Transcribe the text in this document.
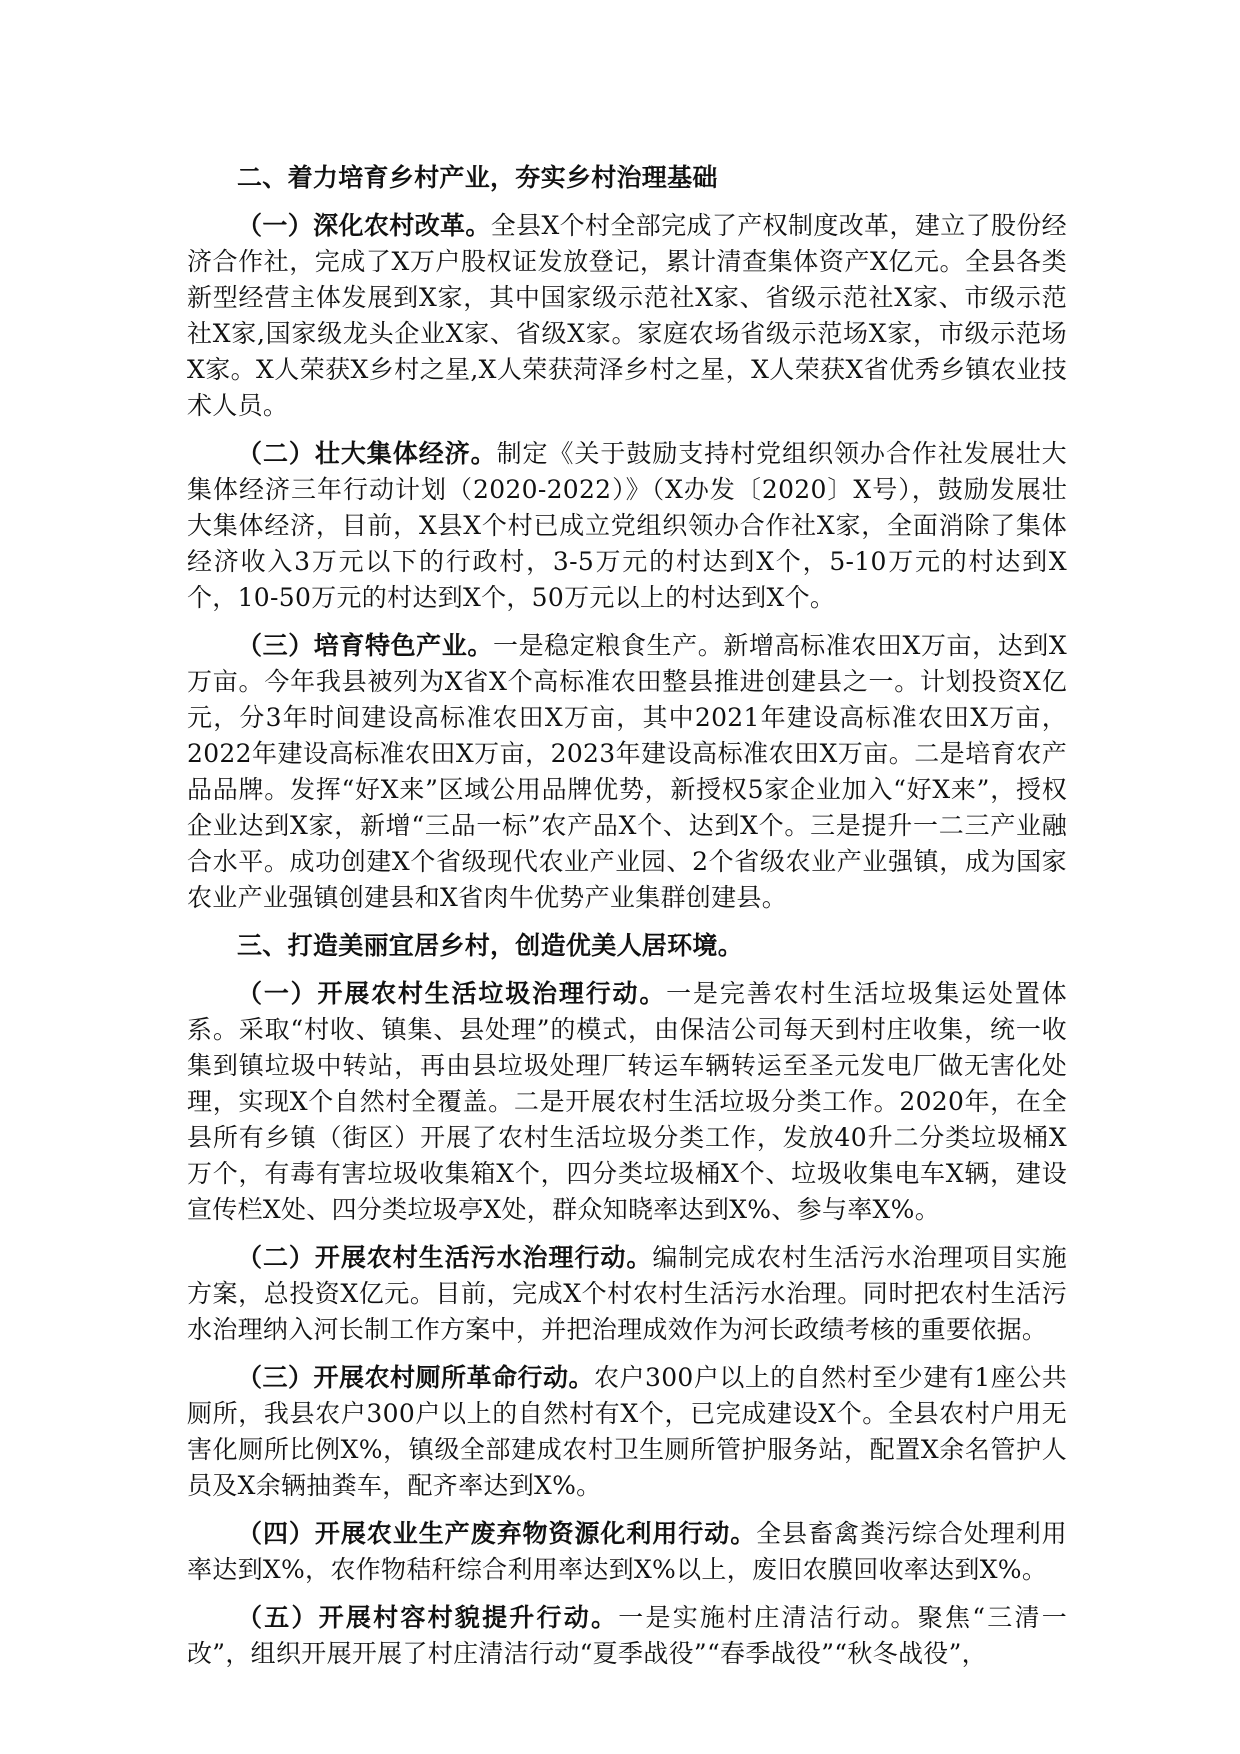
二、着力培育乡村产业，夯实乡村治理基础

（一）深化农村改革。全县X个村全部完成了产权制度改革，建立了股份经济合作社，完成了X万户股权证发放登记，累计清查集体资产X亿元。全县各类新型经营主体发展到X家，其中国家级示范社X家、省级示范社X家、市级示范社X家,国家级龙头企业X家、省级X家。家庭农场省级示范场X家，市级示范场X家。X人荣获X乡村之星,X人荣获菏泽乡村之星，X人荣获X省优秀乡镇农业技术人员。

（二）壮大集体经济。制定《关于鼓励支持村党组织领办合作社发展壮大集体经济三年行动计划（2020-2022）》（X办发〔2020〕X号），鼓励发展壮大集体经济，目前，X县X个村已成立党组织领办合作社X家，全面消除了集体经济收入3万元以下的行政村，3-5万元的村达到X个，5-10万元的村达到X个，10-50万元的村达到X个，50万元以上的村达到X个。

（三）培育特色产业。一是稳定粮食生产。新增高标准农田X万亩，达到X万亩。今年我县被列为X省X个高标准农田整县推进创建县之一。计划投资X亿元，分3年时间建设高标准农田X万亩，其中2021年建设高标准农田X万亩，2022年建设高标准农田X万亩，2023年建设高标准农田X万亩。二是培育农产品品牌。发挥“好X来”区域公用品牌优势，新授权5家企业加入“好X来”，授权企业达到X家，新增“三品一标”农产品X个、达到X个。三是提升一二三产业融合水平。成功创建X个省级现代农业产业园、2个省级农业产业强镇，成为国家农业产业强镇创建县和X省肉牛优势产业集群创建县。

三、打造美丽宜居乡村，创造优美人居环境。

（一）开展农村生活垃圾治理行动。一是完善农村生活垃圾集运处置体系。采取“村收、镇集、县处理”的模式，由保洁公司每天到村庄收集，统一收集到镇垃圾中转站，再由县垃圾处理厂转运车辆转运至圣元发电厂做无害化处理，实现X个自然村全覆盖。二是开展农村生活垃圾分类工作。2020年，在全县所有乡镇（街区）开展了农村生活垃圾分类工作，发放40升二分类垃圾桶X万个，有毒有害垃圾收集箱X个，四分类垃圾桶X个、垃圾收集电车X辆，建设宣传栏X处、四分类垃圾亭X处，群众知晓率达到X%、参与率X%。

（二）开展农村生活污水治理行动。编制完成农村生活污水治理项目实施方案，总投资X亿元。目前，完成X个村农村生活污水治理。同时把农村生活污水治理纳入河长制工作方案中，并把治理成效作为河长政绩考核的重要依据。

（三）开展农村厕所革命行动。农户300户以上的自然村至少建有1座公共厕所，我县农户300户以上的自然村有X个，已完成建设X个。全县农村户用无害化厕所比例X%，镇级全部建成农村卫生厕所管护服务站，配置X余名管护人员及X余辆抽粪车，配齐率达到X%。

（四）开展农业生产废弃物资源化利用行动。全县畜禽粪污综合处理利用率达到X%，农作物秸秆综合利用率达到X%以上，废旧农膜回收率达到X%。

（五）开展村容村貌提升行动。一是实施村庄清洁行动。聚焦“三清一改”，组织开展开展了村庄清洁行动“夏季战役”“春季战役”“秋冬战役”，
